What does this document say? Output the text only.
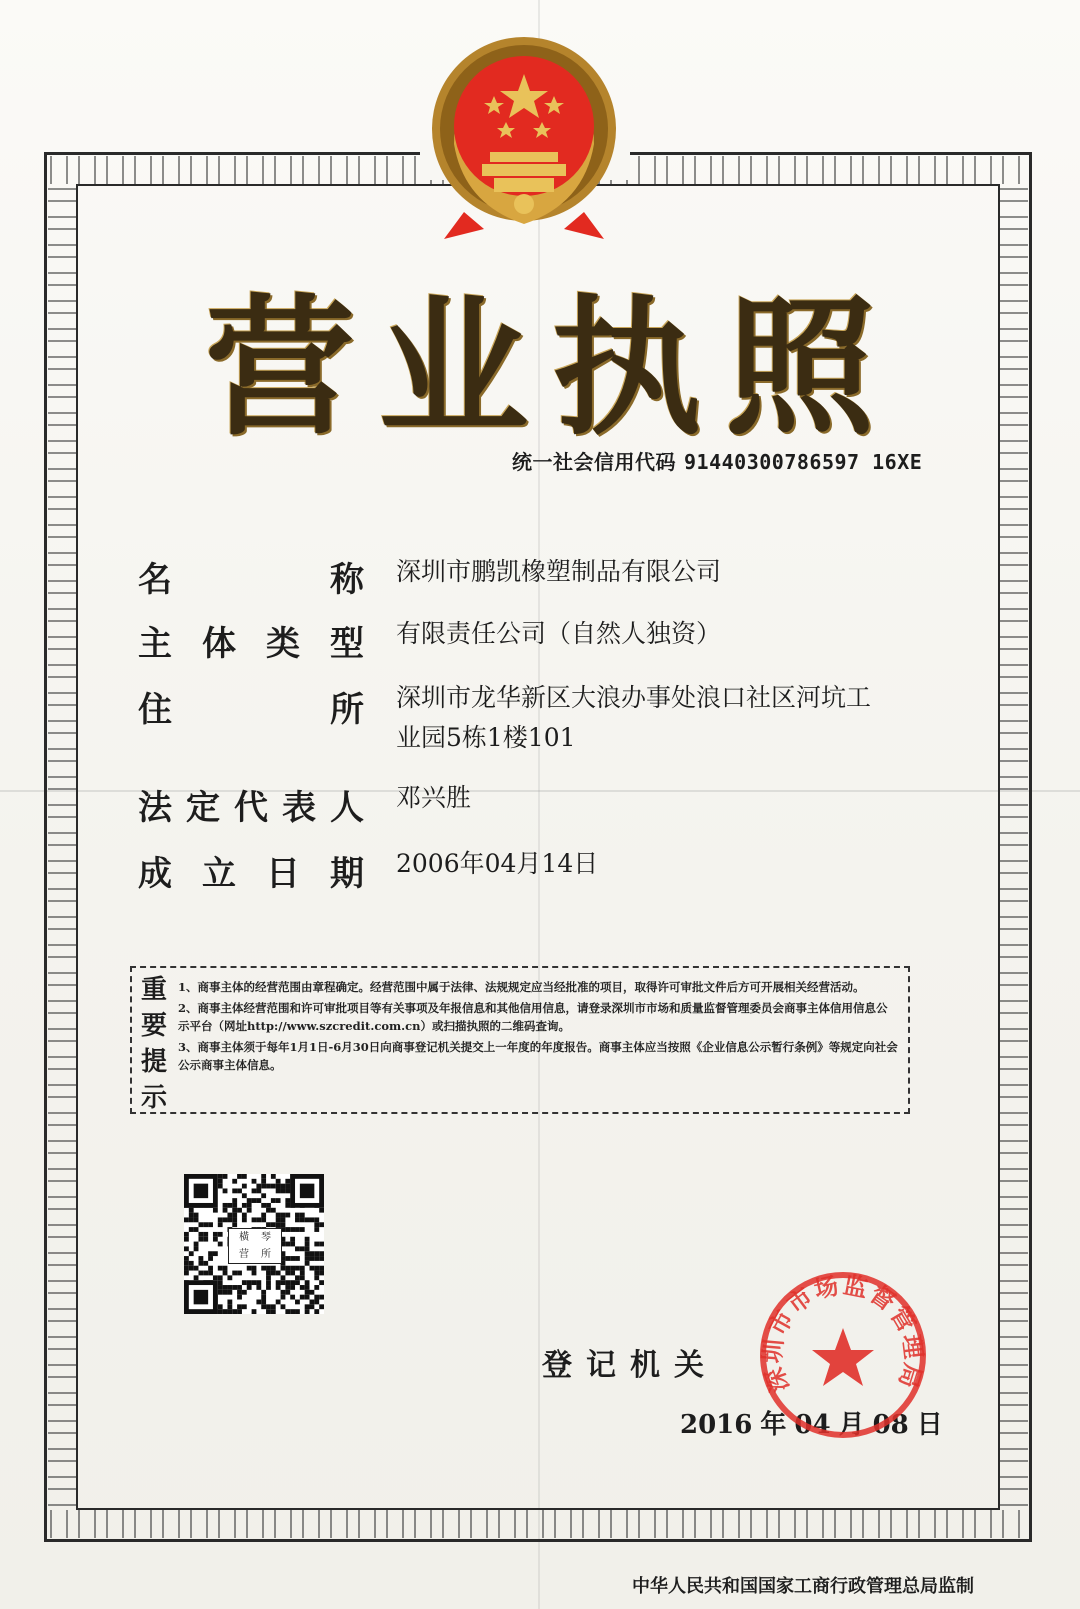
营 业 执 照
统一社会信用代码 91440300786597 16XE
名	称 深圳市鹏凯橡塑制品有限公司
主 体 类 型 有限责任公司（自然人独资）
住	所 深圳市龙华新区大浪办事处浪口社区河坑工
业园5栋1楼101
法 定 代 表 人 邓兴胜
成 立 日 期 2006年04月14日
重
要
提
示

1、商事主体的经营范围由章程确定。经营范围中属于法律、法规规定应当经批准的项目，取得许可审批文件后方可开展相关经营活动。

2、商事主体经营范围和许可审批项目等有关事项及年报信息和其他信用信息，请登录深圳市市场和质量监督管理委员会商事主体信用信息公示平台（网址http://www.szcredit.com.cn）或扫描执照的二维码查询。

3、商事主体须于每年1月1日-6月30日向商事登记机关提交上一年度的年度报告。商事主体应当按照《企业信息公示暂行条例》等规定向社会公示商事主体信息。

橫	琴
营	所
登记机关
2016 年 04 月 08 日
深圳市市场监督管理局
中华人民共和国国家工商行政管理总局监制
